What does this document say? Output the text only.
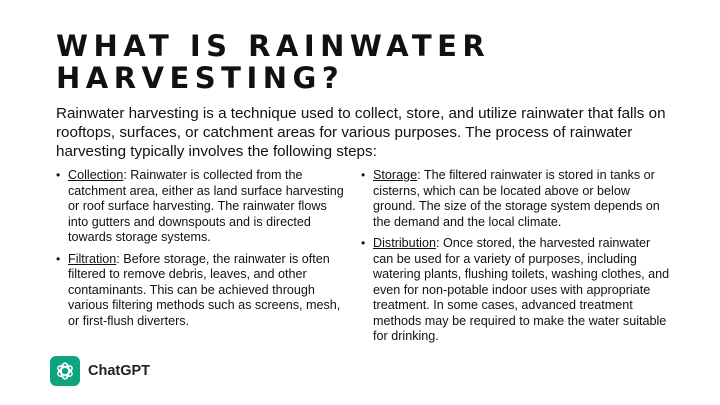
WHAT IS RAINWATER
HARVESTING?

Rainwater harvesting is a technique used to collect, store, and utilize rainwater that falls on rooftops, surfaces, or catchment areas for various purposes. The process of rainwater harvesting typically involves the following steps:

• Collection: Rainwater is collected from the catchment area, either as land surface harvesting or roof surface harvesting. The rainwater flows into gutters and downspouts and is directed towards storage systems.
• Filtration: Before storage, the rainwater is often filtered to remove debris, leaves, and other contaminants. This can be achieved through various filtering methods such as screens, mesh, or first-flush diverters.
• Storage: The filtered rainwater is stored in tanks or cisterns, which can be located above or below ground. The size of the storage system depends on the demand and the local climate.
• Distribution: Once stored, the harvested rainwater can be used for a variety of purposes, including watering plants, flushing toilets, washing clothes, and even for non-potable indoor uses with appropriate treatment. In some cases, advanced treatment methods may be required to make the water suitable for drinking.
ChatGPT
